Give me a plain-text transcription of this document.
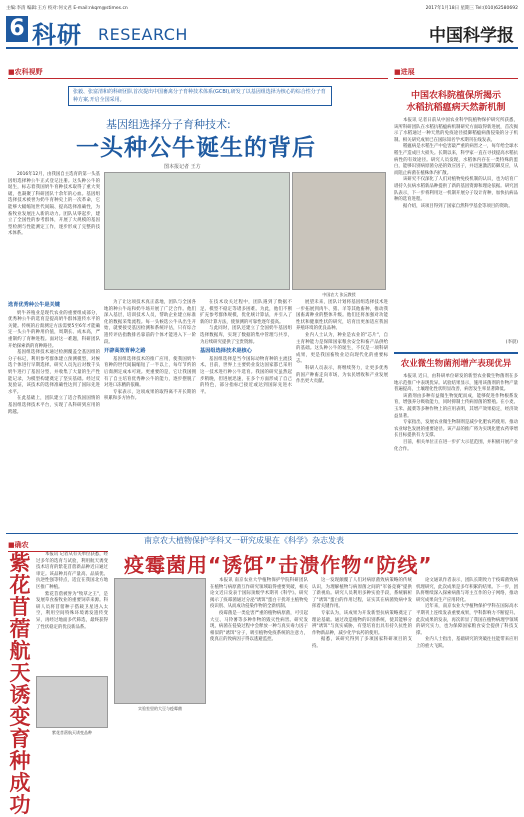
主编:李清 编辑:王方 校对:何文君 E-mail:nkqm@stimes.cn	2017年1月18日 星期三 Tel:(010)62580692
6 科研 RESEARCH	中国科学报
■农科视野
张毅、张富清和的科研团队首次提出中国畜禽分子育种技术体系(GCBI),研发了以基因组选择为核心的综合性分子育种方案,开启全国采用。
基因组选择分子育种技术:
一头种公牛诞生的背后
图本报记者 王方

2016年12月，由我国自主选育的第一头基因组选择种公牛正式登记注册。这头种公牛的诞生，标志着我国奶牛育种技术取得了重大突破，也凝聚了科研团队十余年的心血。基因组选择技术被誉为奶牛育种史上的一次革命，它能够大幅缩短世代间隔、提高选择准确性，为畜牧业发展注入新的动力。团队从零起步，建立了全国性的参考群体，开展了大规模的基因型检测与性能测定工作，逐步形成了完整的技术体系。

中国农大 张沅教授
选育优秀种公牛是关键

奶牛养殖业是现代农业的重要组成部分，优秀种公牛的选育是提高奶牛群体遗传水平的关键。传统的后裔测定方法需要5至6年才能确定一头公牛的种用价值，周期长、成本高，严重制约了育种进程。面对这一难题，科研团队开始探索新的育种路径。

基因组选择技术通过检测覆盖全基因组的分子标记，利用参考群体建立预测模型，对候选个体进行早期选择。研究人员先后对数千头奶牛进行了基因分型，并收集了大量的生产性能记录，为模型构建奠定了坚实基础。经过反复验证，该技术的选择准确性达到了国际先进水平。

在此基础上，团队建立了适合我国国情的基因组选择技术平台，实现了从科研到应用的跨越。

为了让这项技术真正落地，团队与全国各地的种公牛站和奶牛场开展了广泛合作。他们深入基层，培训技术人员，帮助企业建立标准化的数据采集流程。每一头候选公牛从出生开始，就要接受基因检测和系统评估，只有综合遗传评估指数排名靠前的个体才能进入下一阶段。

开辟高效育种之路

基因组选择技术的推广应用，使我国奶牛育种的世代间隔缩短了一半以上，每年节约的后裔测定成本可观。更重要的是，它让我国拥有了自主培育优秀种公牛的能力，逐步摆脱了对进口冻精的依赖。

专家表示，这项成果的取得离不开长期的积累和多方协作。

在技术攻关过程中，团队遇到了数据不足、模型不稳定等诸多困难。为此，他们不断扩充参考群体规模，优化统计算法，并引入了新的计算方法，使预测的可靠性逐年提高。

与此同时，团队还建立了全国奶牛基因组选择数据库，实现了数据的集中管理与共享，为后续研究提供了宝贵资源。

基因组选择技术是核心

基因组选择是当今国际动物育种的主流技术。目前，世界上主要奶业发达国家都已采用这一技术进行种公牛选育。我国的研究虽然起步稍晚，但进展迅速，在多个方面形成了自己的特色，部分指标已接近或达到国际先进水平。

展望未来，团队计划将基因组选择技术进一步拓展到肉牛、猪、羊等其他畜种，推动我国畜禽种业的整体升级。他们还将加强对功能性状和健康性状的研究，培育出更加适应我国养殖环境的优良品种。

业内人士认为，种业是农业的"芯片"，自主育种能力是保障国家粮食安全和畜产品供给的基础。这头种公牛的诞生，不仅是一项科研成果，更是我国畜牧业迈向现代化的重要标志。

科研人员表示，将继续努力，让更多优秀的国产种畜走向市场，为农民增收和产业发展作出更大贡献。

■进展
中国农科院植保所揭示
水稻抗稻瘟病天然新机制

本报讯 记者日前从中国农业科学院植物保护研究所获悉，该所科研团队在水稻抗稻瘟病机制研究方面取得新进展，首次揭示了水稻通过一种天然的免疫途径抵御稻瘟病菌侵染的分子机制。相关研究成果已在国际知名学术期刊在线发表。

稻瘟病是水稻生产中危害最严重的病害之一，每年给全球水稻生产造成巨大损失。长期以来，科学家一直在寻找提高水稻抗病性的有效途径。研究人员发现，水稻体内存在一类特殊的蛋白，能够识别病原菌分泌的效应因子，并迅速激活防御反应，从而阻止病菌在植株体内扩散。

该研究不仅深化了人们对植物免疫机制的认识，也为培育广谱持久抗病水稻新品种提供了新的基因资源和理论依据。研究团队表示，下一步将利用这一机制开展分子设计育种，加快抗病品种的选育进程。

据介绍，该项目得到了国家自然科学基金等项目的资助。

(李晨)
农业微生物菌剂增产表现优异

本报讯 近日，由科研单位研发的新型农业微生物菌剂在多地示范推广中表现优异。试验结果显示，施用该菌剂的作物产量普遍提高，土壤理化性状明显改善，病害发生率显著降低。

该菌剂由多种有益微生物复配而成，能够促进作物根系发育，增强养分吸收能力，同时抑制土传病原菌的繁殖。在小麦、玉米、蔬菜等多种作物上的应用表明，其增产效果稳定，经济效益显著。

专家指出，发展农业微生物制剂是减少化肥农药使用、推动农业绿色发展的重要途径。该产品的推广将为实现化肥农药零增长目标提供有力支撑。

目前，相关单位正在进一步扩大示范范围，并积极开展产业化合作。

■确农
紫花苜蓿航天诱变育种成功

本报讯 记者从有关单位获悉，经过多年的选育与试验，利用航天诱变技术培育的紫花苜蓿新品种近日通过审定。该品种具有产量高、品质优、抗逆性强等特点，适宜在我国北方地区推广种植。

紫花苜蓿被誉为"牧草之王"，是发展草食畜牧业的重要饲草来源。科研人员将苜蓿种子搭载卫星进入太空，利用空间特殊环境诱发遗传变异，再经过地面多代筛选，最终获得了性状稳定的优良新品系。

紫花苜蓿航天诱变品种
南京农大植物保护学科又一研究成果在《科学》杂志发表
疫霉菌用“诱饵”击溃作物“防线”
实验室里的大豆与疫霉菌

本报讯 南京农业大学植物保护学院科研团队在植物与病原菌互作研究领域取得重要突破，相关论文近日发表于国际顶级学术期刊《科学》。研究揭示了疫霉菌通过分泌"诱饵"蛋白干扰寄主植物免疫识别、从而成功侵染作物的全新机制。

疫霉菌是一类危害严重的植物病原菌，可引起大豆、马铃薯等多种作物的毁灭性病害。研究发现，病菌在侵染过程中会释放一种与真实毒力因子相似的"诱饵"分子，吸引植物免疫系统的注意力，使真正的致病因子得以逃避监控。

这一发现颠覆了人们对病原菌致病策略的传统认识，为理解植物与病原菌之间的"军备竞赛"提供了新视角。研究人员利用多种实验手段，系统解析了"诱饵"蛋白的作用过程，证实其在病菌致病中发挥着关键作用。

专家认为，该成果为开发新型抗病策略奠定了理论基础。通过改造植物的识别系统，使其能够分辨"诱饵"与真实威胁，有望培育出具有持久抗性的作物新品种，减少化学农药的使用。

据悉，该研究得到了多项国家科研项目的支持。

论文通讯作者表示，团队长期致力于疫霉菌致病机理研究，此次成果是多年积累的结果。下一步，团队将继续深入探索病菌与寄主互作的分子网络，推动研究成果向生产应用转化。

近年来，南京农业大学植物保护学科在国际高水平期刊上连续发表重要成果，学科影响力不断提升。此次成果的发表，再次彰显了我国在植物病理学领域的研究实力，也为保障国家粮食安全提供了科技支撑。

业内人士指出，基础研究的突破往往能带来应用上的重大飞跃。
